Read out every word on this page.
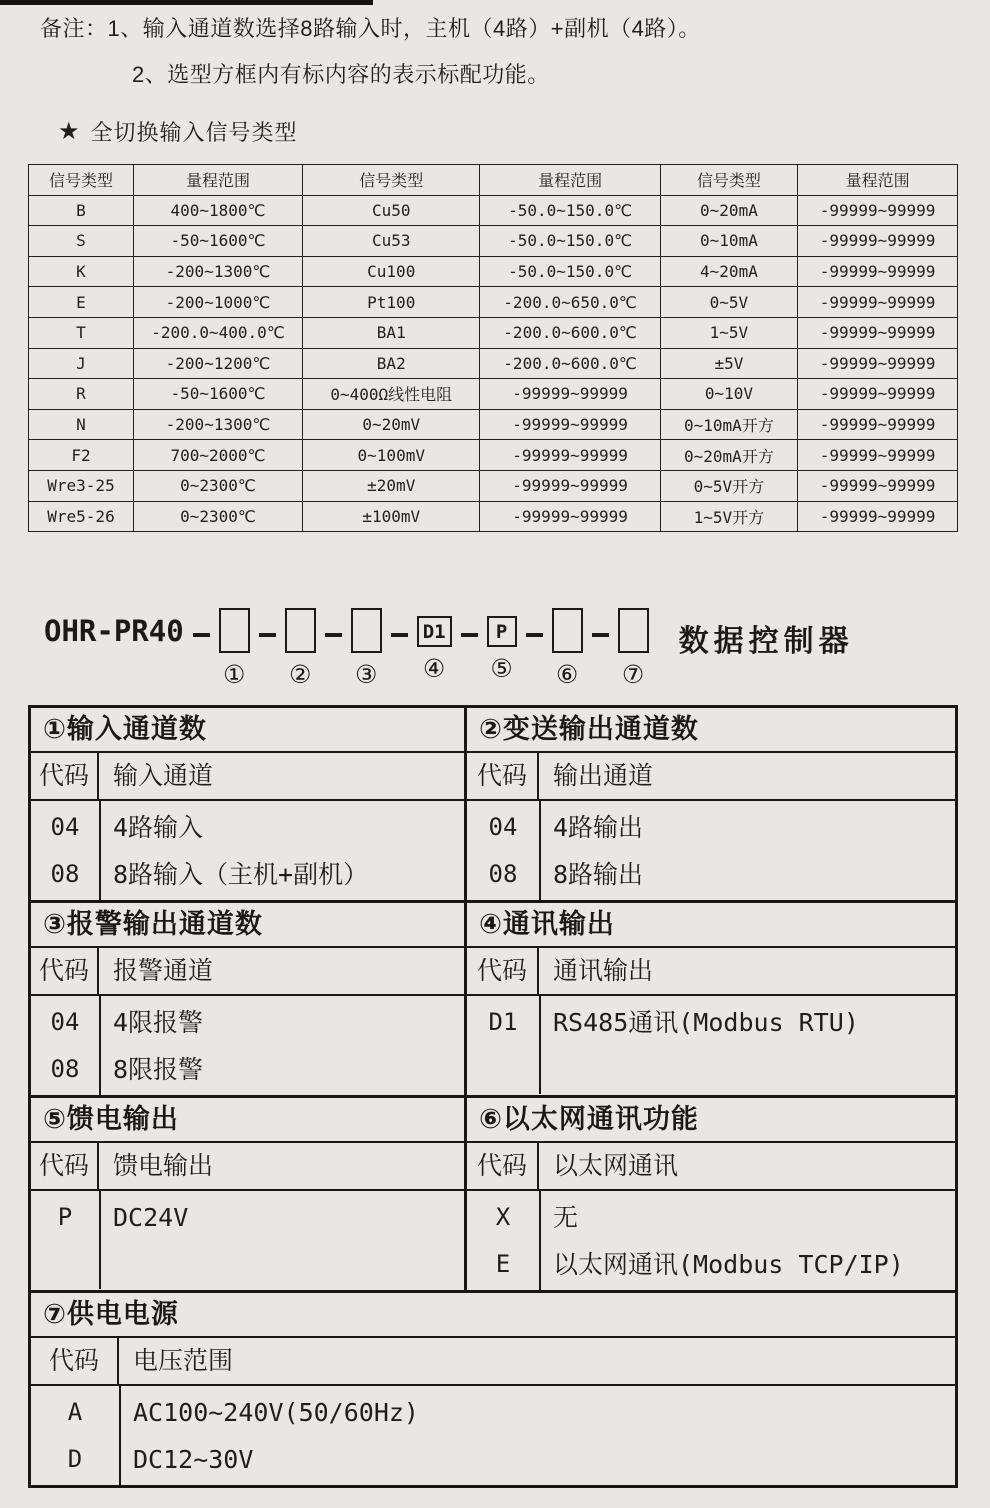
备注： 1、输入通道数选择8路输入时，主机（4路）+副机（4路）。
2、选型方框内有标内容的表示标配功能。
★ 全切换输入信号类型
信号类型	量程范围	信号类型	量程范围	信号类型	量程范围
B	400~1800℃	Cu50	-50.0~150.0℃	0~20mA	-99999~99999
S	-50~1600℃	Cu53	-50.0~150.0℃	0~10mA	-99999~99999
K	-200~1300℃	Cu100	-50.0~150.0℃	4~20mA	-99999~99999
E	-200~1000℃	Pt100	-200.0~650.0℃	0~5V	-99999~99999
T	-200.0~400.0℃	BA1	-200.0~600.0℃	1~5V	-99999~99999
J	-200~1200℃	BA2	-200.0~600.0℃	±5V	-99999~99999
R	-50~1600℃	0~400Ω线性电阻	-99999~99999	0~10V	-99999~99999
N	-200~1300℃	0~20mV	-99999~99999	0~10mA开方	-99999~99999
F2	700~2000℃	0~100mV	-99999~99999	0~20mA开方	-99999~99999
Wre3-25	0~2300℃	±20mV	-99999~99999	0~5V开方	-99999~99999
Wre5-26	0~2300℃	±100mV	-99999~99999	1~5V开方	-99999~99999
OHR-PR40
① ② ③
D1
④
P
⑤ ⑥ ⑦
数据控制器
①输入通道数
代码 输入通道
04	4路输入
08	8路输入（主机+副机）
②变送输出通道数
代码	输出通道
04	4路输出
08	8路输出
③报警输出通道数
代码 报警通道
04	4限报警
08	8限报警
④通讯输出
代码	通讯输出
D1	RS485通讯(Modbus RTU)
⑤馈电输出
代码 馈电输出
P	DC24V
⑥以太网通讯功能
代码	以太网通讯
X	无
E	以太网通讯(Modbus TCP/IP)
⑦供电电源
代码	电压范围
A	AC100~240V(50/60Hz)
D	DC12~30V
